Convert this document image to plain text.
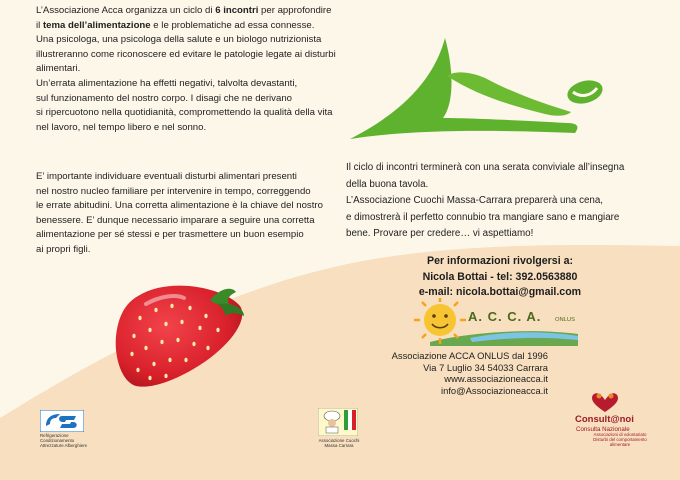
L’Associazione Acca organizza un ciclo di 6 incontri per approfondire
il tema dell’alimentazione e le problematiche ad essa connesse.
Una psicologa, una psicologa della salute e un biologo nutrizionista
illustreranno come riconoscere ed evitare le patologie legate ai disturbi
alimentari.
Un’errata alimentazione ha effetti negativi, talvolta devastanti,
sul funzionamento del nostro corpo. I disagi che ne derivano
si ripercuotono nella quotidianità, compromettendo la qualità della vita
nel lavoro, nel tempo libero e nel sonno.
E’ importante individuare eventuali disturbi alimentari presenti
nel nostro nucleo familiare per intervenire in tempo, correggendo
le errate abitudini. Una corretta alimentazione è la chiave del nostro
benessere. E’ dunque necessario imparare a seguire una corretta
alimentazione per sé stessi e per trasmettere un buon esempio
ai propri figli.
Il ciclo di incontri terminerà con una serata conviviale all’insegna
della buona tavola.
L’Associazione Cuochi Massa-Carrara preparerà una cena,
e dimostrerà il perfetto connubio tra mangiare sano e mangiare
bene. Provare per credere… vi aspettiamo!
Per informazioni rivolgersi a:
Nicola Bottai - tel: 392.0563880
e-mail: nicola.bottai@gmail.com
A. C. C. A. ONLUS
Associazione ACCA ONLUS dal 1996
Via 7 Luglio 34 54033 Carrara
www.associazioneacca.it
info@Associazioneacca.it
Refrigerazione
Condizionamento
Attrezzature Alberghiere
Associazione Cuochi
Massa Carrara
Consult@noi
Consulta Nazionale
Associazioni di volontariato
Disturbi del comportamento
alimentare
